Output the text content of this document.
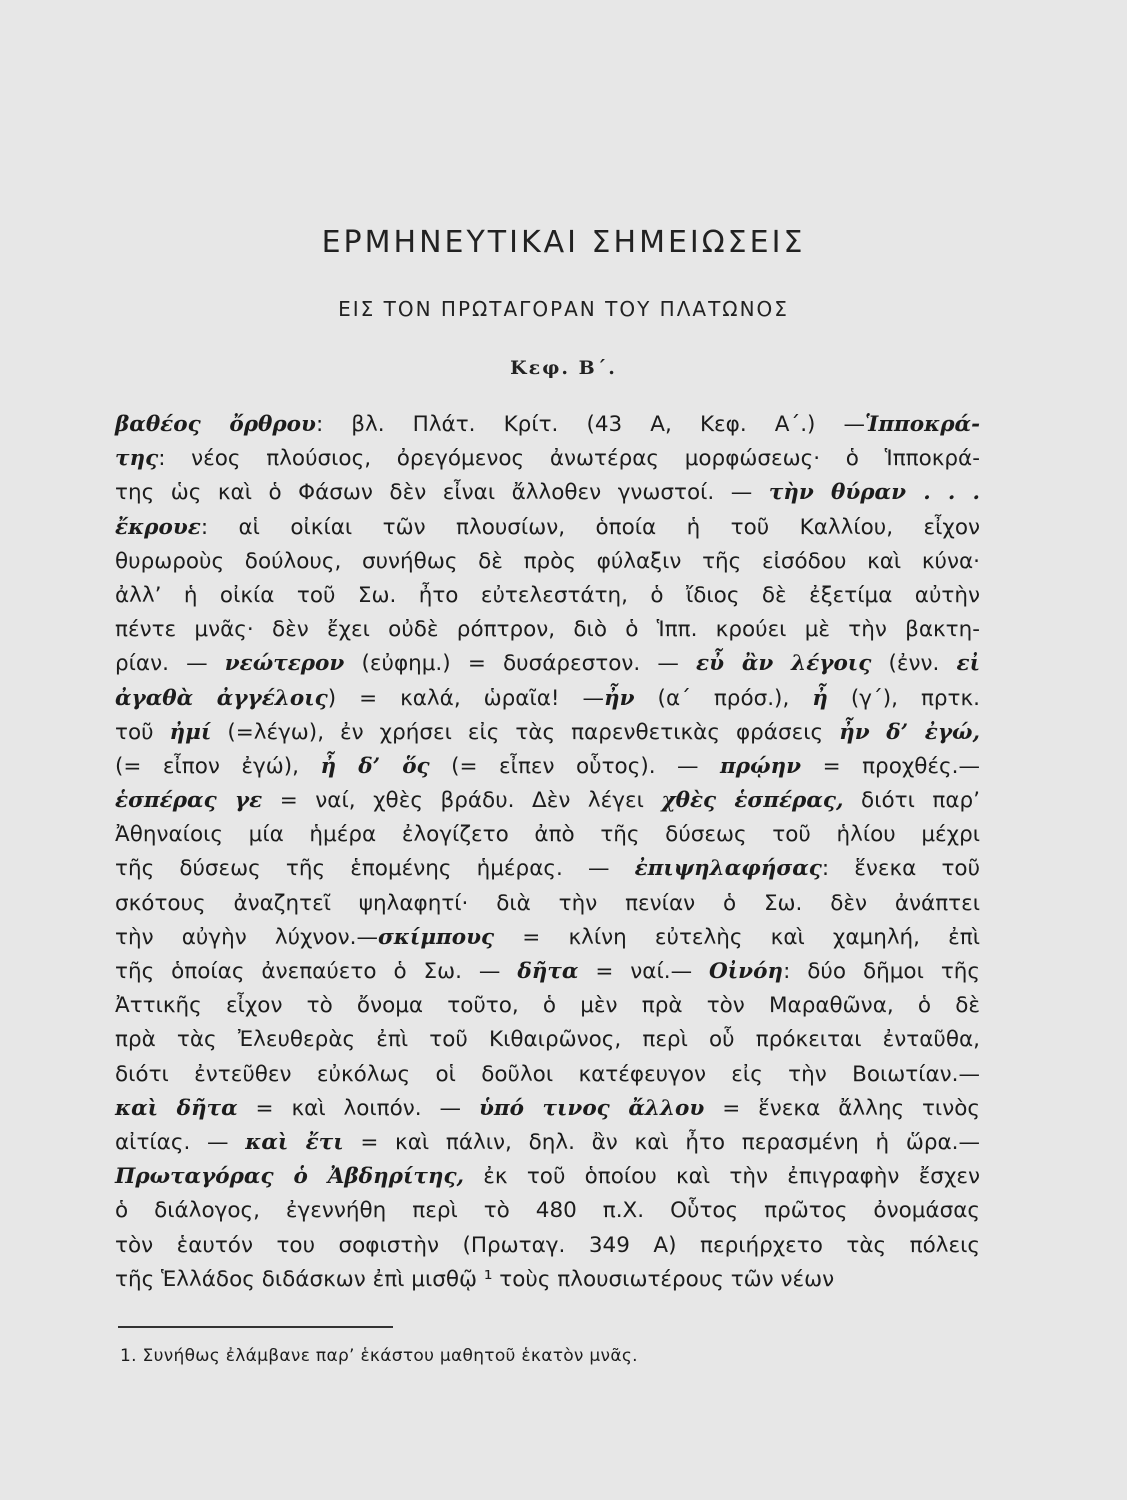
ΕΡΜΗΝΕΥΤΙΚΑΙ ΣΗΜΕΙΩΣΕΙΣ
ΕΙΣ ΤΟΝ ΠΡΩΤΑΓΟΡΑΝ ΤΟΥ ΠΛΑΤΩΝΟΣ
Κεφ. Β΄.
βαθέος ὄρθρου: βλ. Πλάτ. Κρίτ. (43 Α, Κεφ. Α΄.) —Ἱπποκρά-
της: νέος πλούσιος, ὀρεγόμενος ἀνωτέρας μορφώσεως· ὁ Ἱπποκρά-
της ὡς καὶ ὁ Φάσων δὲν εἶναι ἄλλοθεν γνωστοί. — τὴν θύραν . . .
ἔκρουε: αἱ οἰκίαι τῶν πλουσίων, ὁποία ἡ τοῦ Καλλίου, εἶχον
θυρωροὺς δούλους, συνήθως δὲ πρὸς φύλαξιν τῆς εἰσόδου καὶ κύνα·
ἀλλ’ ἡ οἰκία τοῦ Σω. ἦτο εὐτελεστάτη, ὁ ἴδιος δὲ ἐξετίμα αὐτὴν
πέντε μνᾶς· δὲν ἔχει οὐδὲ ρόπτρον, διὸ ὁ Ἱππ. κρούει μὲ τὴν βακτη-
ρίαν. — νεώτερον (εὐφημ.) = δυσάρεστον. — εὖ ἂν λέγοις (ἐνν. εἰ
ἀγαθὰ ἀγγέλοις) = καλά, ὡραῖα! —ἦν (α΄ πρόσ.), ἦ (γ΄), πρτκ.
τοῦ ἠμί (=λέγω), ἐν χρήσει εἰς τὰς παρενθετικὰς φράσεις ἦν δ’ ἐγώ,
(= εἶπον ἐγώ), ἦ δ’ ὅς (= εἶπεν οὗτος). — πρῴην = προχθές.—
ἑσπέρας γε = ναί, χθὲς βράδυ. Δὲν λέγει χθὲς ἑσπέρας, διότι παρ’
Ἀθηναίοις μία ἡμέρα ἐλογίζετο ἀπὸ τῆς δύσεως τοῦ ἡλίου μέχρι
τῆς δύσεως τῆς ἑπομένης ἡμέρας. — ἐπιψηλαφήσας: ἕνεκα τοῦ
σκότους ἀναζητεῖ ψηλαφητί· διὰ τὴν πενίαν ὁ Σω. δὲν ἀνάπτει
τὴν αὐγὴν λύχνον.—σκίμπους = κλίνη εὐτελὴς καὶ χαμηλή, ἐπὶ
τῆς ὁποίας ἀνεπαύετο ὁ Σω. — δῆτα = ναί.— Οἰνόη: δύο δῆμοι τῆς
Ἀττικῆς εἶχον τὸ ὄνομα τοῦτο, ὁ μὲν πρὰ τὸν Μαραθῶνα, ὁ δὲ
πρὰ τὰς Ἐλευθερὰς ἐπὶ τοῦ Κιθαιρῶνος, περὶ οὗ πρόκειται ἐνταῦθα,
διότι ἐντεῦθεν εὐκόλως οἱ δοῦλοι κατέφευγον εἰς τὴν Βοιωτίαν.—
καὶ δῆτα = καὶ λοιπόν. — ὑπό τινος ἄλλου = ἕνεκα ἄλλης τινὸς
αἰτίας. — καὶ ἔτι = καὶ πάλιν, δηλ. ἂν καὶ ἦτο περασμένη ἡ ὥρα.—
Πρωταγόρας ὁ Ἀβδηρίτης, ἐκ τοῦ ὁποίου καὶ τὴν ἐπιγραφὴν ἔσχεν
ὁ διάλογος, ἐγεννήθη περὶ τὸ 480 π.Χ. Οὗτος πρῶτος ὀνομάσας
τὸν ἑαυτόν του σοφιστὴν (Πρωταγ. 349 Α) περιήρχετο τὰς πόλεις
τῆς Ἑλλάδος διδάσκων ἐπὶ μισθῷ ¹ τοὺς πλουσιωτέρους τῶν νέων
1. Συνήθως ἐλάμβανε παρ’ ἑκάστου μαθητοῦ ἑκατὸν μνᾶς.
